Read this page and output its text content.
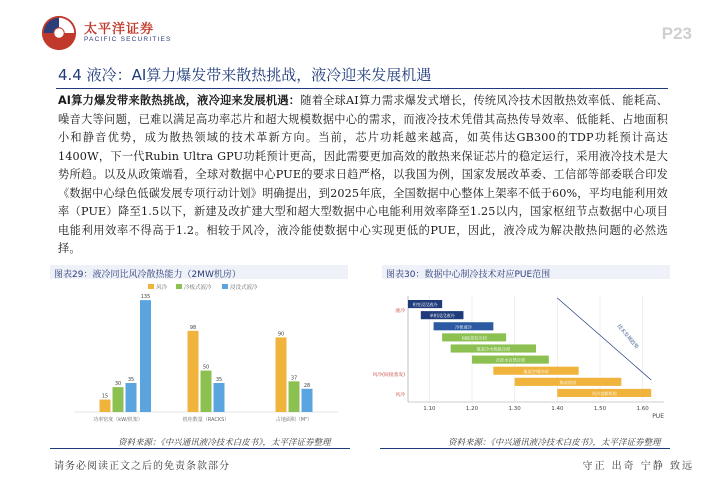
太平洋证券
PACIFIC SECURITIES	P23
4.4 液冷：AI算力爆发带来散热挑战，液冷迎来发展机遇
AI算力爆发带来散热挑战，液冷迎来发展机遇：随着全球AI算力需求爆发式增长，传统风冷技术因散热效率低、能耗高、噪音大等问题，已难以满足高功率芯片和超大规模数据中心的需求，而液冷技术凭借其高热传导效率、低能耗、占地面积小和静音优势，成为散热领域的技术革新方向。当前，芯片功耗越来越高，如英伟达GB300的TDP功耗预计高达1400W，下一代Rubin Ultra GPU功耗预计更高，因此需要更加高效的散热来保证芯片的稳定运行，采用液冷技术是大势所趋。以及从政策端看，全球对数据中心PUE的要求日趋严格，以我国为例，国家发展改革委、工信部等部委联合印发《数据中心绿色低碳发展专项行动计划》明确提出，到2025年底，全国数据中心整体上架率不低于60%，平均电能利用效率（PUE）降至1.5以下，新建及改扩建大型和超大型数据中心电能利用效率降至1.25以内，国家枢纽节点数据中心项目电能利用效率不得高于1.2。相较于风冷，液冷能使数据中心实现更低的PUE，因此，液冷成为解决散热问题的必然选择。
图表29：液冷同比风冷散热能力（2MW机房）	图表30：数据中心制冷技术对应PUE范围
风冷	冷板式液冷	浸没式液冷
15
30
35
功率密度（kW/机架）
98
50
35
机柜数量（RACKS）
90
37
28
占地面积（M²）
135
1.10	1.20	1.30	1.40	1.50	1.60
PUE
相变浸没液冷
单相浸没液冷
冷板液冷
间接蒸发冷却
氟泵冷水机组冷却
冷冻水自然冷却
氟泵空调冷却
集成机房
风冷直膨机组
液冷
风冷(间接蒸发)
风冷
技术发展趋势
资料来源：《中兴通讯液冷技术白皮书》，太平洋证券整理	资料来源：《中兴通讯液冷技术白皮书》，太平洋证券整理
请务必阅读正文之后的免责条款部分	守正 出奇 宁静 致远
